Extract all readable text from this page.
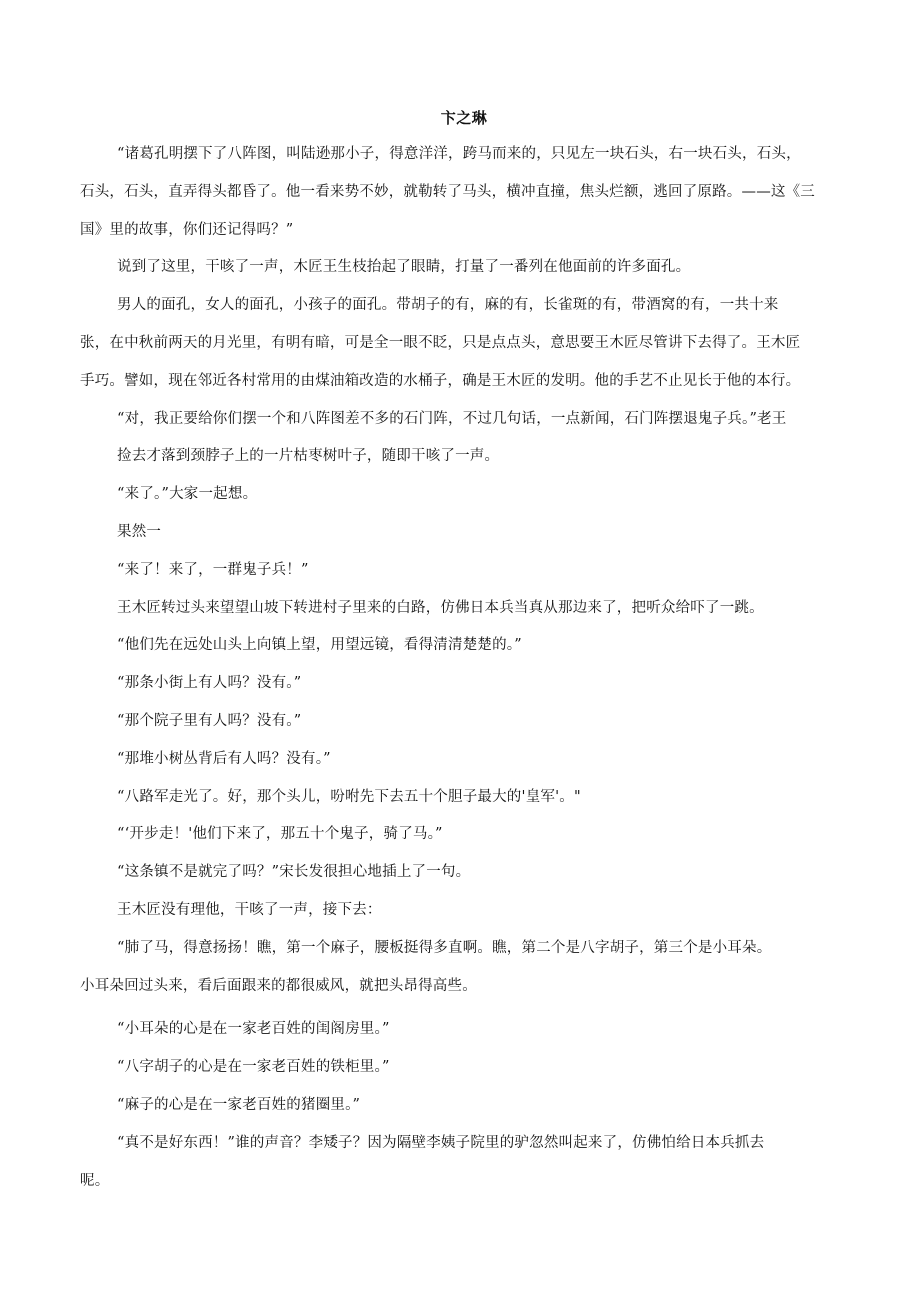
卞之琳

“诸葛孔明摆下了八阵图，叫陆逊那小子，得意洋洋，跨马而来的，只见左一块石头，右一块石头，石头，
石头，石头，直弄得头都昏了。他一看来势不妙，就勒转了马头，横冲直撞，焦头烂额，逃回了原路。——这《三
国》里的故事，你们还记得吗？”

说到了这里，干咳了一声，木匠王生枝抬起了眼睛，打量了一番列在他面前的许多面孔。

男人的面孔，女人的面孔，小孩子的面孔。带胡子的有，麻的有，长雀斑的有，带酒窝的有，一共十来
张，在中秋前两天的月光里，有明有暗，可是全一眼不眨，只是点点头，意思要王木匠尽管讲下去得了。王木匠
手巧。譬如，现在邻近各村常用的由煤油箱改造的水桶子，确是王木匠的发明。他的手艺不止见长于他的本行。

“对，我正要给你们摆一个和八阵图差不多的石门阵，不过几句话，一点新闻，石门阵摆退鬼子兵。”老王
捡去才落到颈脖子上的一片枯枣树叶子，随即干咳了一声。

“来了。”大家一起想。

果然一

“来了！来了，一群鬼子兵！”

王木匠转过头来望望山坡下转进村子里来的白路，仿佛日本兵当真从那边来了，把听众给吓了一跳。

“他们先在远处山头上向镇上望，用望远镜，看得清清楚楚的。”

“那条小街上有人吗？没有。”

“那个院子里有人吗？没有。”

“那堆小树丛背后有人吗？没有。”

“八路军走光了。好，那个头儿，吩咐先下去五十个胆子最大的'皇军'。"

“‘开步走！'他们下来了，那五十个鬼子，骑了马。”

“这条镇不是就完了吗？”宋长发很担心地插上了一句。

王木匠没有理他，干咳了一声，接下去：

“肺了马，得意扬扬！瞧，第一个麻子，腰板挺得多直啊。瞧，第二个是八字胡子，第三个是小耳朵。
小耳朵回过头来，看后面跟来的都很威风，就把头昂得高些。

“小耳朵的心是在一家老百姓的闺阁房里。”

“八字胡子的心是在一家老百姓的铁柜里。”

“麻子的心是在一家老百姓的猪圈里。”

“真不是好东西！”谁的声音？李矮子？因为隔壁李姨子院里的驴忽然叫起来了，仿佛怕给日本兵抓去
呢。
